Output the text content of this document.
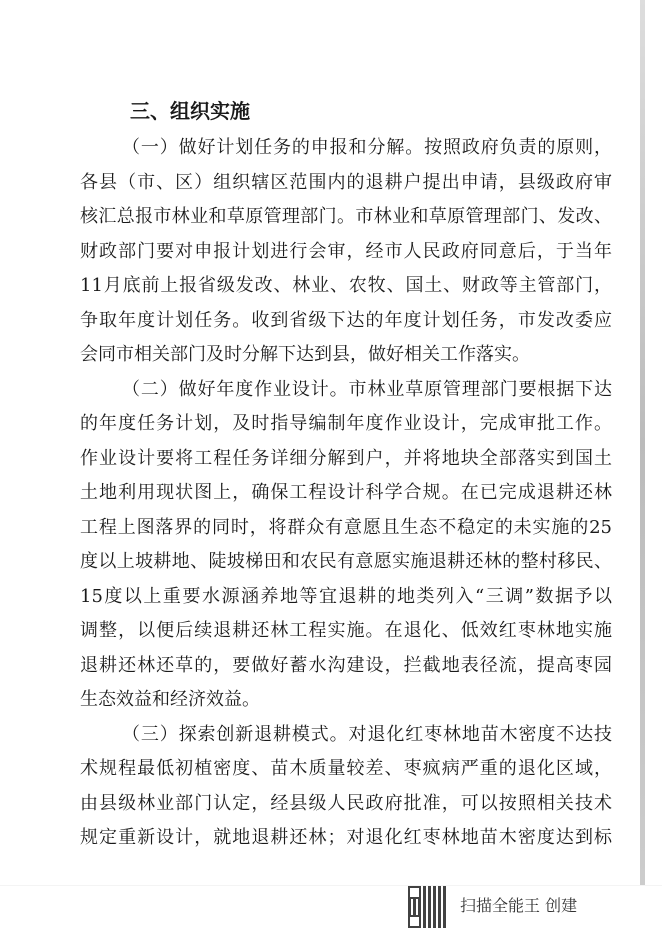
三、组织实施
（一）做好计划任务的申报和分解。按照政府负责的原则，
各县（市、区）组织辖区范围内的退耕户提出申请，县级政府审
核汇总报市林业和草原管理部门。市林业和草原管理部门、发改、
财政部门要对申报计划进行会审，经市人民政府同意后，于当年
11月底前上报省级发改、林业、农牧、国土、财政等主管部门，
争取年度计划任务。收到省级下达的年度计划任务，市发改委应
会同市相关部门及时分解下达到县，做好相关工作落实。
（二）做好年度作业设计。市林业草原管理部门要根据下达
的年度任务计划，及时指导编制年度作业设计，完成审批工作。
作业设计要将工程任务详细分解到户，并将地块全部落实到国土
土地利用现状图上，确保工程设计科学合规。在已完成退耕还林
工程上图落界的同时，将群众有意愿且生态不稳定的未实施的25
度以上坡耕地、陡坡梯田和农民有意愿实施退耕还林的整村移民、
15度以上重要水源涵养地等宜退耕的地类列入“三调”数据予以
调整，以便后续退耕还林工程实施。在退化、低效红枣林地实施
退耕还林还草的，要做好蓄水沟建设，拦截地表径流，提高枣园
生态效益和经济效益。
（三）探索创新退耕模式。对退化红枣林地苗木密度不达技
术规程最低初植密度、苗木质量较差、枣疯病严重的退化区域，
由县级林业部门认定，经县级人民政府批准，可以按照相关技术
规定重新设计，就地退耕还林；对退化红枣林地苗木密度达到标
扫描全能王 创建
